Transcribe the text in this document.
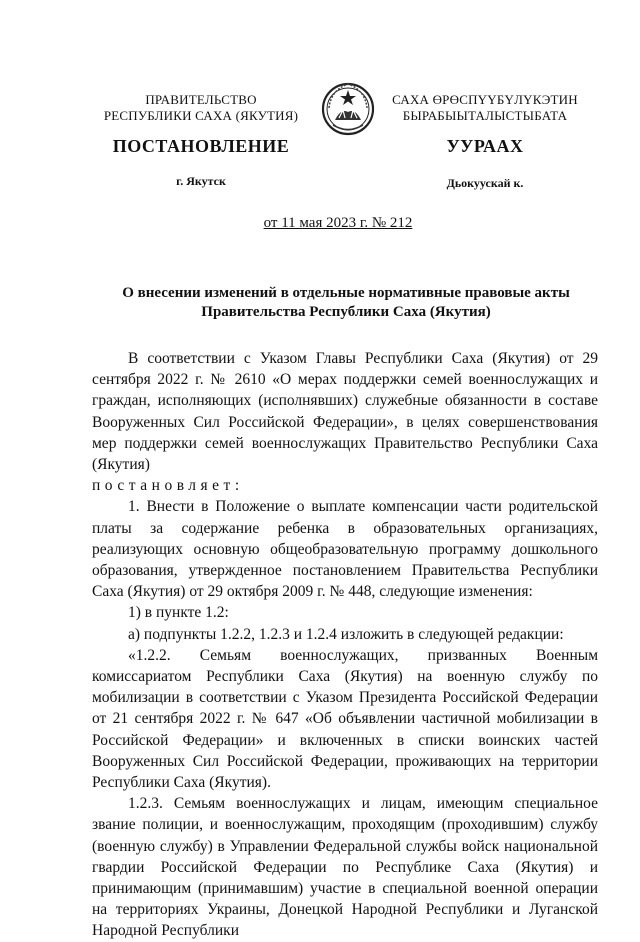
ПРАВИТЕЛЬСТВО
РЕСПУБЛИКИ САХА (ЯКУТИЯ)
САХА ӨРӨСПҮҮБҮЛҮКЭТИН
БЫРАБЫЫТАЛЫСТЫБАТА
ПОСТАНОВЛЕНИЕ	УУРААХ
г. Якутск	Дьокуускай к.
от 11 мая 2023 г. № 212
О внесении изменений в отдельные нормативные правовые акты
Правительства Республики Саха (Якутия)

В соответствии с Указом Главы Республики Саха (Якутия) от 29 сентября 2022 г. № 2610 «О мерах поддержки семей военнослужащих и граждан, исполняющих (исполнявших) служебные обязанности в составе Вооруженных Сил Российской Федерации», в целях совершенствования мер поддержки семей военнослужащих Правительство Республики Саха (Якутия)

постановляет:

1. Внести в Положение о выплате компенсации части родительской платы за содержание ребенка в образовательных организациях, реализующих основную общеобразовательную программу дошкольного образования, утвержденное постановлением Правительства Республики Саха (Якутия) от 29 октября 2009 г. № 448, следующие изменения:

1) в пункте 1.2:

а) подпункты 1.2.2, 1.2.3 и 1.2.4 изложить в следующей редакции:

«1.2.2. Семьям военнослужащих, призванных Военным комиссариатом Республики Саха (Якутия) на военную службу по мобилизации в соответствии с Указом Президента Российской Федерации от 21 сентября 2022 г. № 647 «Об объявлении частичной мобилизации в Российской Федерации» и включенных в списки воинских частей Вооруженных Сил Российской Федерации, проживающих на территории Республики Саха (Якутия).

1.2.3. Семьям военнослужащих и лицам, имеющим специальное звание полиции, и военнослужащим, проходящим (проходившим) службу (военную службу) в Управлении Федеральной службы войск национальной гвардии Российской Федерации по Республике Саха (Якутия) и принимающим (принимавшим) участие в специальной военной операции на территориях Украины, Донецкой Народной Республики и Луганской Народной Республики
